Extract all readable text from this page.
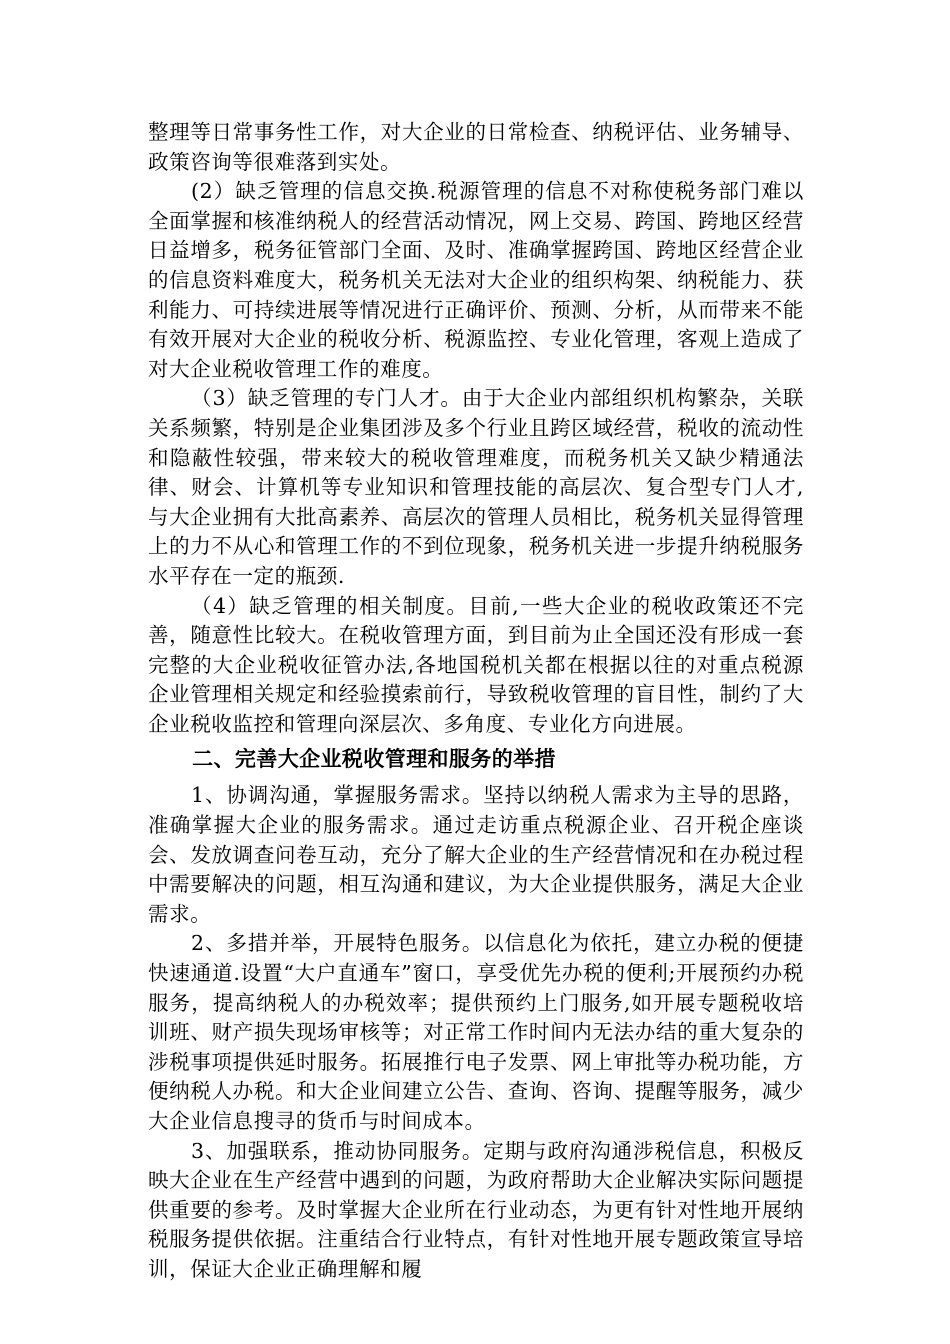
整理等日常事务性工作，对大企业的日常检查、纳税评估、业务辅导、政策咨询等很难落到实处。

(2）缺乏管理的信息交换.税源管理的信息不对称使税务部门难以全面掌握和核准纳税人的经营活动情况，网上交易、跨国、跨地区经营日益增多，税务征管部门全面、及时、准确掌握跨国、跨地区经营企业的信息资料难度大，税务机关无法对大企业的组织构架、纳税能力、获利能力、可持续进展等情况进行正确评价、预测、分析，从而带来不能有效开展对大企业的税收分析、税源监控、专业化管理，客观上造成了对大企业税收管理工作的难度。

（3）缺乏管理的专门人才。由于大企业内部组织机构繁杂，关联关系频繁，特别是企业集团涉及多个行业且跨区域经营，税收的流动性和隐蔽性较强，带来较大的税收管理难度，而税务机关又缺少精通法律、财会、计算机等专业知识和管理技能的高层次、复合型专门人才,与大企业拥有大批高素养、高层次的管理人员相比，税务机关显得管理上的力不从心和管理工作的不到位现象，税务机关进一步提升纳税服务水平存在一定的瓶颈.

（4）缺乏管理的相关制度。目前,一些大企业的税收政策还不完善，随意性比较大。在税收管理方面，到目前为止全国还没有形成一套完整的大企业税收征管办法,各地国税机关都在根据以往的对重点税源企业管理相关规定和经验摸索前行，导致税收管理的盲目性，制约了大企业税收监控和管理向深层次、多角度、专业化方向进展。

二、完善大企业税收管理和服务的举措

1、协调沟通，掌握服务需求。坚持以纳税人需求为主导的思路，准确掌握大企业的服务需求。通过走访重点税源企业、召开税企座谈会、发放调查问卷互动，充分了解大企业的生产经营情况和在办税过程中需要解决的问题，相互沟通和建议，为大企业提供服务，满足大企业需求。

2、多措并举，开展特色服务。以信息化为依托，建立办税的便捷快速通道.设置“大户直通车”窗口，享受优先办税的便利;开展预约办税服务，提高纳税人的办税效率；提供预约上门服务,如开展专题税收培训班、财产损失现场审核等；对正常工作时间内无法办结的重大复杂的涉税事项提供延时服务。拓展推行电子发票、网上审批等办税功能，方便纳税人办税。和大企业间建立公告、查询、咨询、提醒等服务，减少大企业信息搜寻的货币与时间成本。

3、加强联系，推动协同服务。定期与政府沟通涉税信息，积极反映大企业在生产经营中遇到的问题，为政府帮助大企业解决实际问题提供重要的参考。及时掌握大企业所在行业动态，为更有针对性地开展纳税服务提供依据。注重结合行业特点，有针对性地开展专题政策宣导培训，保证大企业正确理解和履
